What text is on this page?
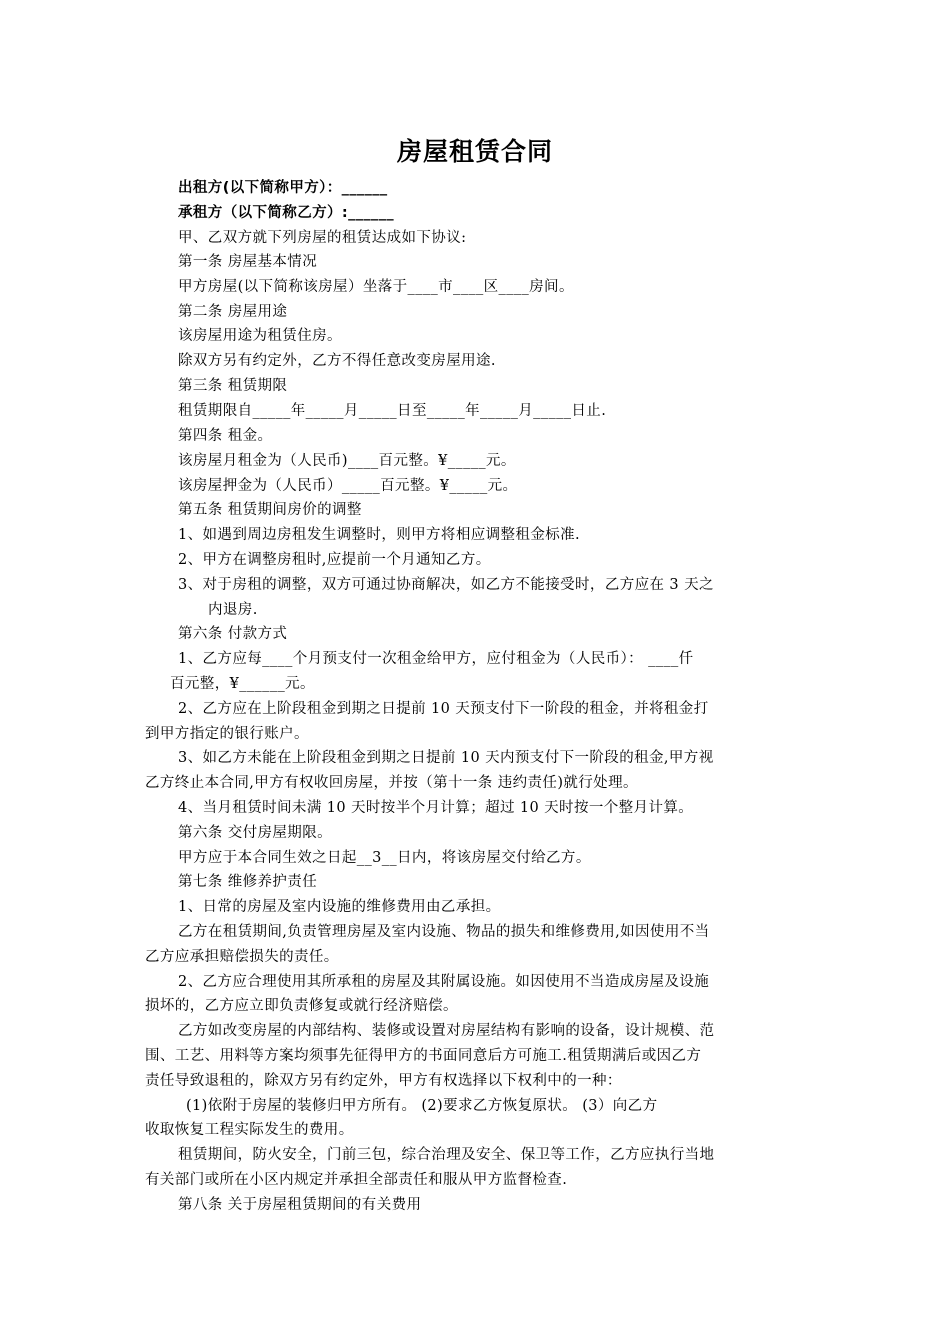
房屋租赁合同
出租方(以下简称甲方）：______
承租方（以下简称乙方）:______
甲、乙双方就下列房屋的租赁达成如下协议:
第一条 房屋基本情况
甲方房屋(以下简称该房屋）坐落于____市____区____房间。
第二条 房屋用途
该房屋用途为租赁住房。
除双方另有约定外，乙方不得任意改变房屋用途.
第三条 租赁期限
租赁期限自_____年_____月_____日至_____年_____月_____日止.
第四条 租金。
该房屋月租金为（人民币)____百元整。¥_____元。
该房屋押金为（人民币）_____百元整。¥_____元。
第五条 租赁期间房价的调整
1、如遇到周边房租发生调整时，则甲方将相应调整租金标准.
2、甲方在调整房租时,应提前一个月通知乙方。
3、对于房租的调整，双方可通过协商解决，如乙方不能接受时，乙方应在 3 天之
内退房.
第六条 付款方式
1、乙方应每____个月预支付一次租金给甲方，应付租金为（人民币）： ____仟
百元整，¥______元。
2、乙方应在上阶段租金到期之日提前 10 天预支付下一阶段的租金，并将租金打
到甲方指定的银行账户。
3、如乙方未能在上阶段租金到期之日提前 10 天内预支付下一阶段的租金,甲方视
乙方终止本合同,甲方有权收回房屋，并按（第十一条 违约责任)就行处理。
4、当月租赁时间未满 10 天时按半个月计算；超过 10 天时按一个整月计算。
第六条 交付房屋期限。
甲方应于本合同生效之日起__3__日内，将该房屋交付给乙方。
第七条 维修养护责任
1、日常的房屋及室内设施的维修费用由乙承担。
乙方在租赁期间,负责管理房屋及室内设施、物品的损失和维修费用,如因使用不当
乙方应承担赔偿损失的责任。
2、乙方应合理使用其所承租的房屋及其附属设施。如因使用不当造成房屋及设施
损坏的，乙方应立即负责修复或就行经济赔偿。
乙方如改变房屋的内部结构、装修或设置对房屋结构有影响的设备，设计规模、范
围、工艺、用料等方案均须事先征得甲方的书面同意后方可施工.租赁期满后或因乙方
责任导致退租的，除双方另有约定外，甲方有权选择以下权利中的一种：
(1)依附于房屋的装修归甲方所有。 (2)要求乙方恢复原状。 (3）向乙方
收取恢复工程实际发生的费用。
租赁期间，防火安全，门前三包，综合治理及安全、保卫等工作，乙方应执行当地
有关部门或所在小区内规定并承担全部责任和服从甲方监督检查.
第八条 关于房屋租赁期间的有关费用
